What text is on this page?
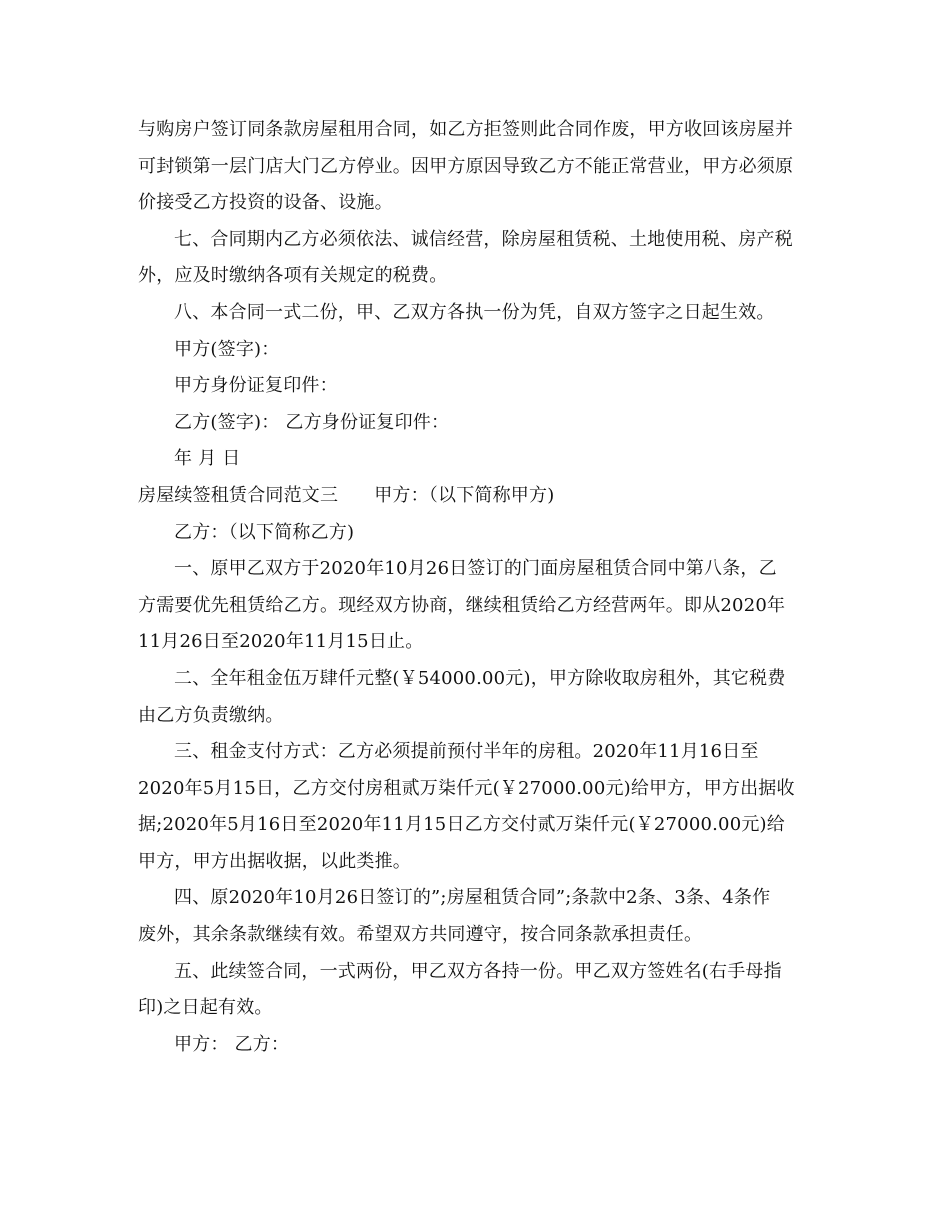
与购房户签订同条款房屋租用合同，如乙方拒签则此合同作废，甲方收回该房屋并
可封锁第一层门店大门乙方停业。因甲方原因导致乙方不能正常营业，甲方必须原
价接受乙方投资的设备、设施。
七、合同期内乙方必须依法、诚信经营，除房屋租赁税、土地使用税、房产税
外，应及时缴纳各项有关规定的税费。
八、本合同一式二份，甲、乙双方各执一份为凭，自双方签字之日起生效。
甲方(签字)：
甲方身份证复印件：
乙方(签字)： 乙方身份证复印件：
年 月 日
房屋续签租赁合同范文三 甲方：（以下简称甲方)
乙方：（以下简称乙方)
一、原甲乙双方于2020年10月26日签订的门面房屋租赁合同中第八条，乙
方需要优先租赁给乙方。现经双方协商，继续租赁给乙方经营两年。即从2020年
11月26日至2020年11月15日止。
二、全年租金伍万肆仟元整(￥54000.00元)，甲方除收取房租外，其它税费
由乙方负责缴纳。
三、租金支付方式：乙方必须提前预付半年的房租。2020年11月16日至
2020年5月15日，乙方交付房租贰万柒仟元(￥27000.00元)给甲方，甲方出据收
据;2020年5月16日至2020年11月15日乙方交付贰万柒仟元(￥27000.00元)给
甲方，甲方出据收据，以此类推。
四、原2020年10月26日签订的”;房屋租赁合同”;条款中2条、3条、4条作
废外，其余条款继续有效。希望双方共同遵守，按合同条款承担责任。
五、此续签合同，一式两份，甲乙双方各持一份。甲乙双方签姓名(右手母指
印)之日起有效。
甲方： 乙方：
